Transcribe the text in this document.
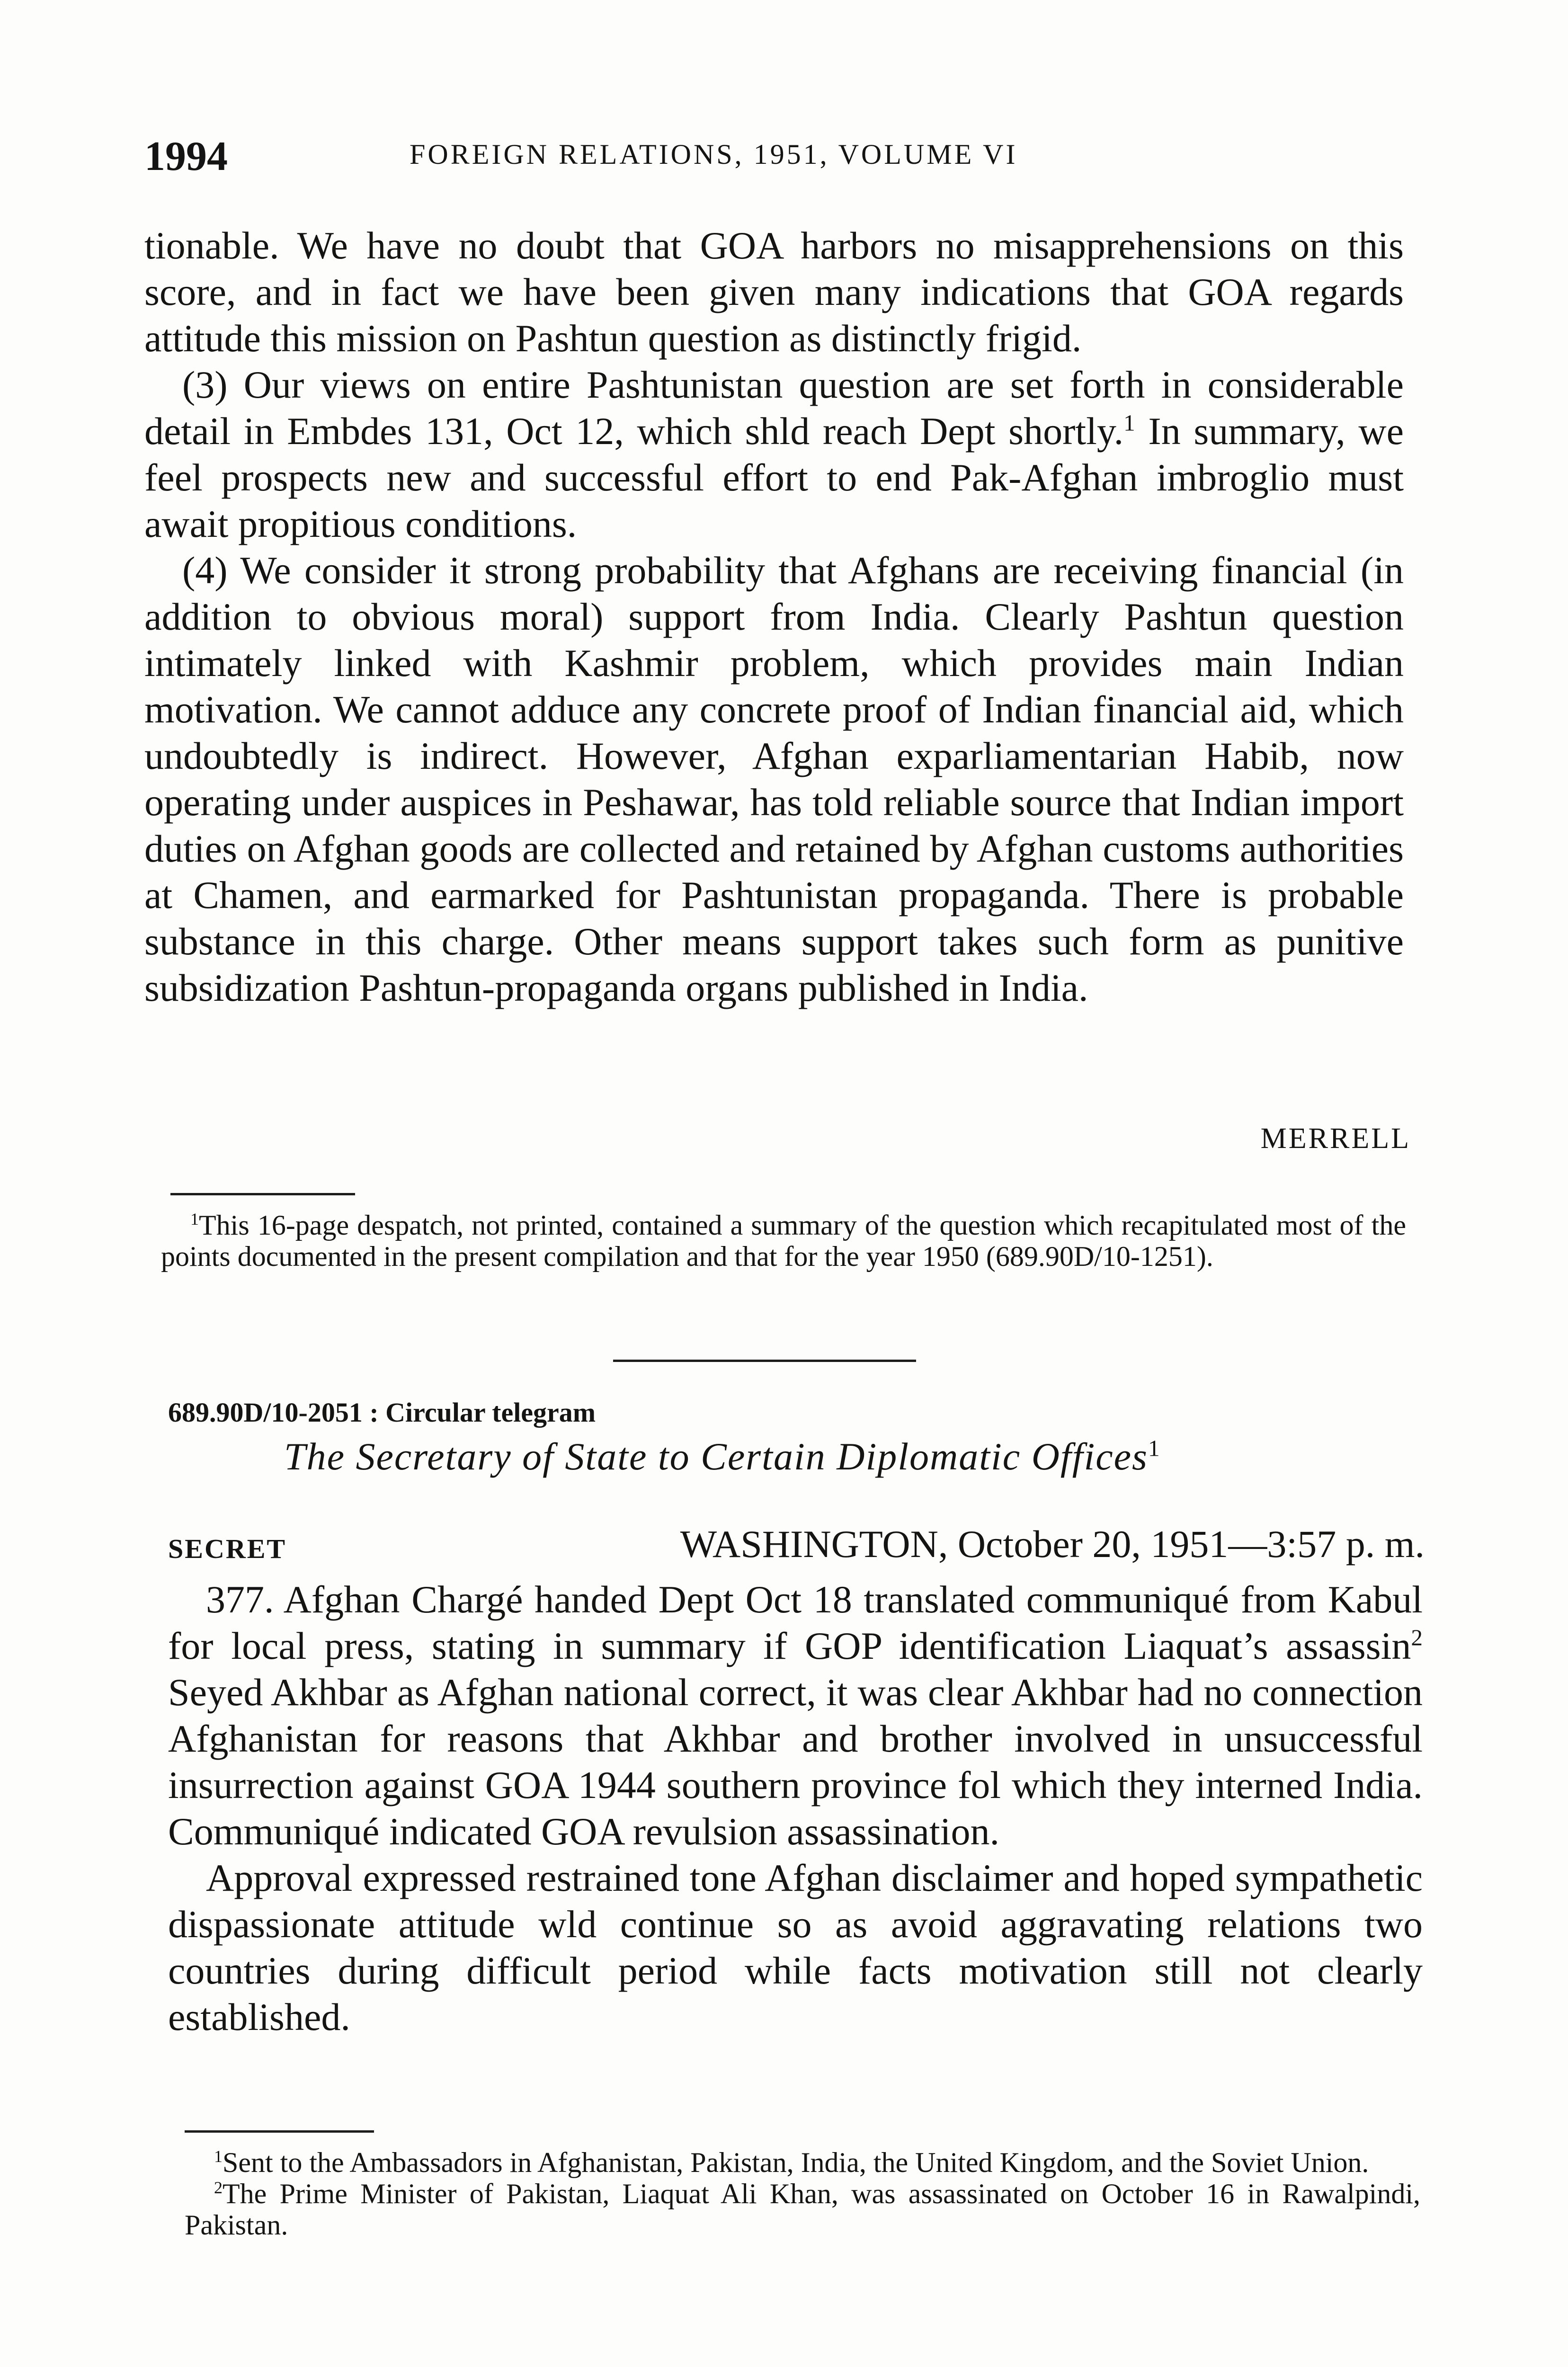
1994	FOREIGN RELATIONS, 1951, VOLUME VI

tionable. We have no doubt that GOA harbors no misapprehensions on this score, and in fact we have been given many indications that GOA regards attitude this mission on Pashtun question as distinctly frigid.

(3) Our views on entire Pashtunistan question are set forth in considerable detail in Embdes 131, Oct 12, which shld reach Dept shortly.$^1$ In summary, we feel prospects new and successful effort to end Pak-Afghan imbroglio must await propitious conditions.

(4) We consider it strong probability that Afghans are receiving financial (in addition to obvious moral) support from India. Clearly Pashtun question intimately linked with Kashmir problem, which provides main Indian motivation. We cannot adduce any concrete proof of Indian financial aid, which undoubtedly is indirect. However, Afghan exparliamentarian Habib, now operating under auspices in Peshawar, has told reliable source that Indian import duties on Afghan goods are collected and retained by Afghan customs authorities at Chamen, and earmarked for Pashtunistan propaganda. There is probable substance in this charge. Other means support takes such form as punitive subsidization Pashtun-propaganda organs published in India.

MERRELL

$^1$This 16-page despatch, not printed, contained a summary of the question which recapitulated most of the points documented in the present compilation and that for the year 1950 (689.90D/10-1251).

689.90D/10-2051 : Circular telegram
The Secretary of State to Certain Diplomatic Offices$^1$
SECRET	WASHINGTON, October 20, 1951—3:57 p. m.

377. Afghan Chargé handed Dept Oct 18 translated communiqué from Kabul for local press, stating in summary if GOP identification Liaquat’s assassin$^2$ Seyed Akhbar as Afghan national correct, it was clear Akhbar had no connection Afghanistan for reasons that Akhbar and brother involved in unsuccessful insurrection against GOA 1944 southern province fol which they interned India. Communiqué indicated GOA revulsion assassination.

Approval expressed restrained tone Afghan disclaimer and hoped sympathetic dispassionate attitude wld continue so as avoid aggravating relations two countries during difficult period while facts motivation still not clearly established.

$^1$Sent to the Ambassadors in Afghanistan, Pakistan, India, the United Kingdom, and the Soviet Union.

$^2$The Prime Minister of Pakistan, Liaquat Ali Khan, was assassinated on October 16 in Rawalpindi, Pakistan.
